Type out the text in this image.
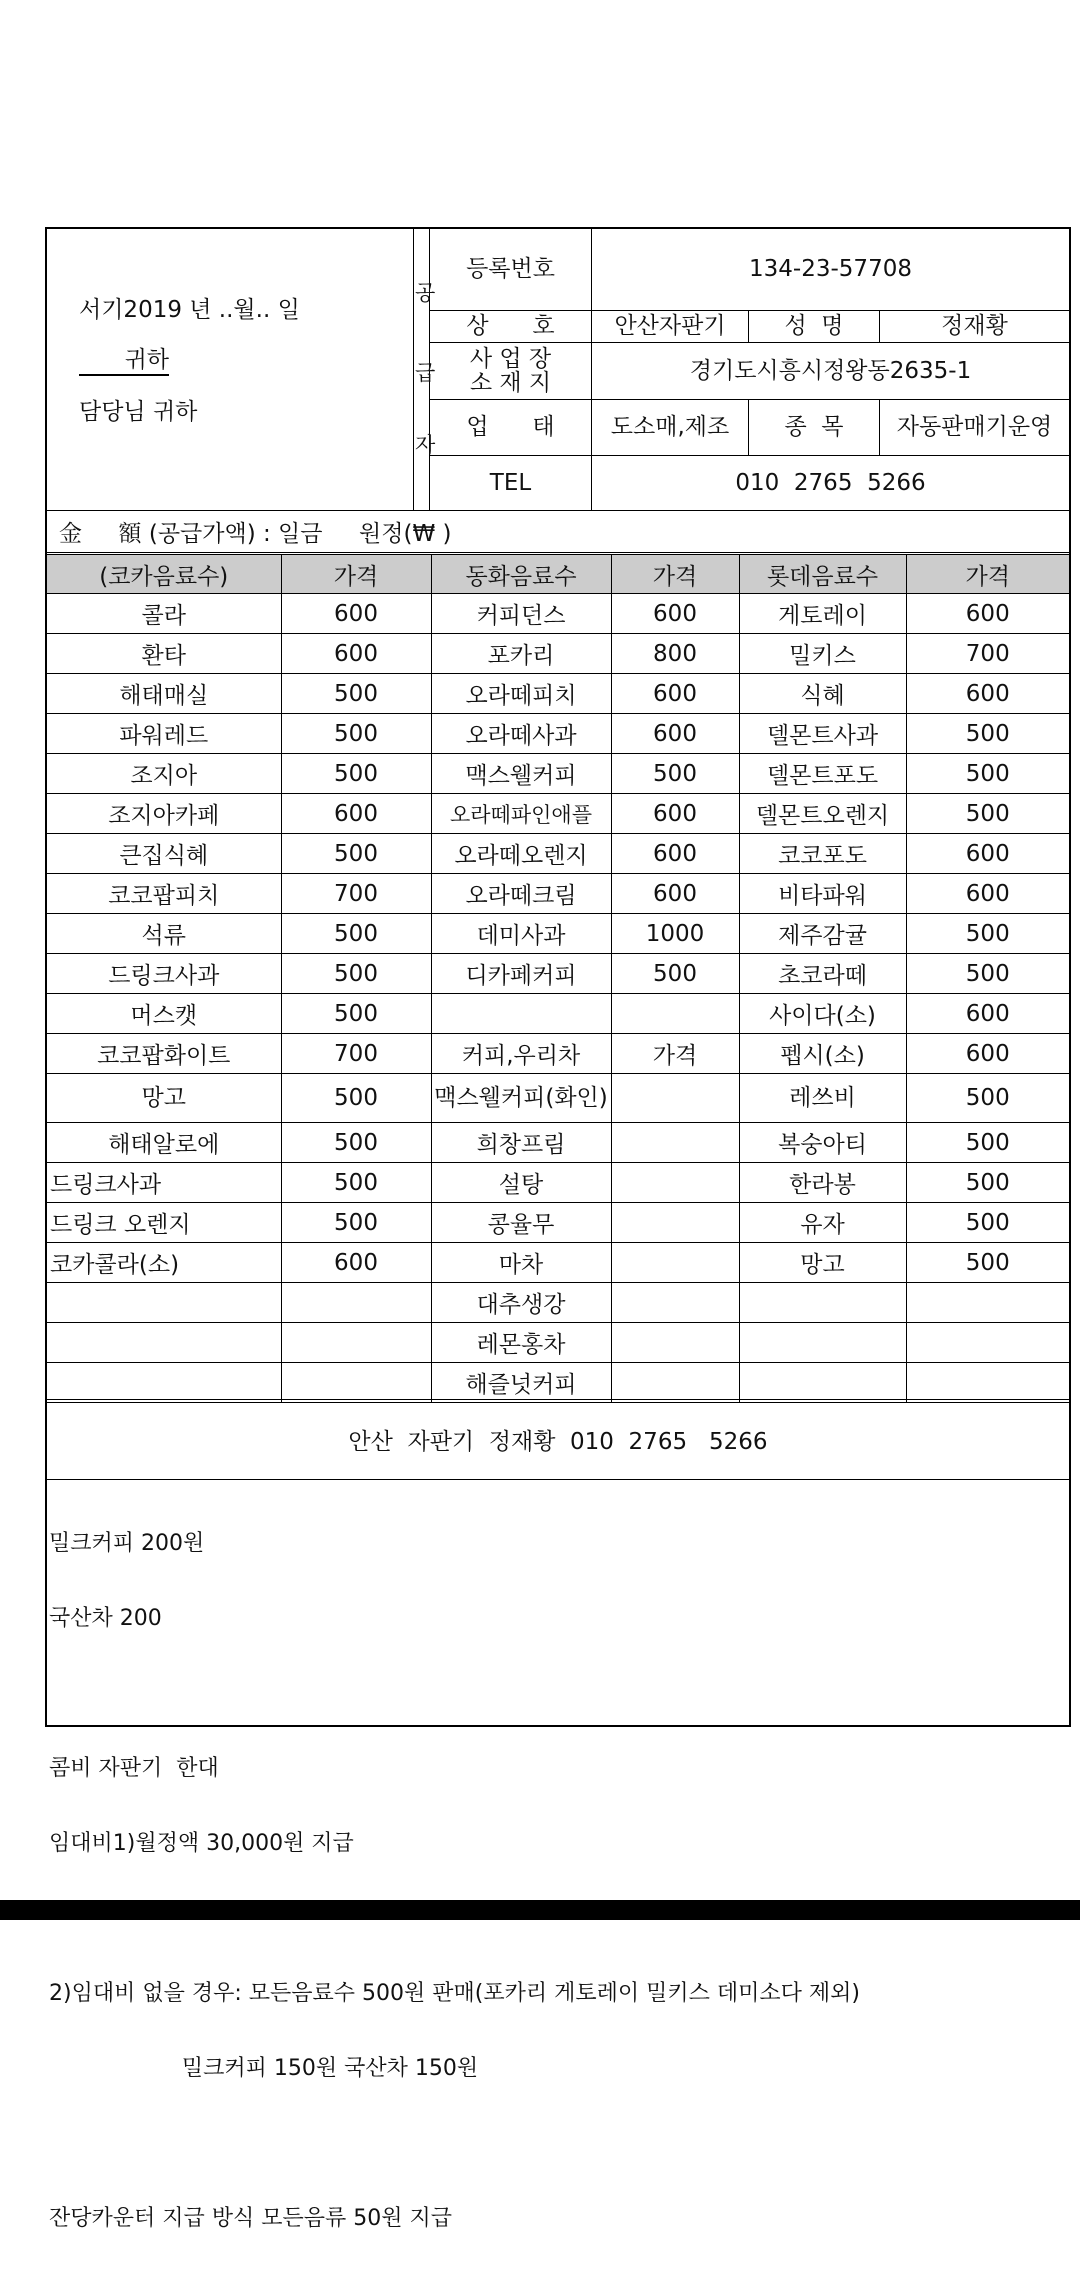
서기2019 년 ..월.. 일
귀하
담당님 귀하
공
급
자
등록번호	134-23-57708
상      호	안산자판기	성  명	정재황
사 업 장
소 재 지	경기도시흥시정왕동2635-1
업      태	도소매,제조	종  목	자동판매기운영
TEL	010  2765  5266
金     額 (공급가액) : 일금     원정(₩ )
(코카음료수)	가격	동화음료수	가격	롯데음료수	가격
콜라	600	커피던스	600	게토레이	600
환타	600	포카리	800	밀키스	700
해태매실	500	오라떼피치	600	식혜	600
파워레드	500	오라떼사과	600	델몬트사과	500
조지아	500	맥스웰커피	500	델몬트포도	500
조지아카페	600	오라떼파인애플	600	델몬트오렌지	500
큰집식혜	500	오라떼오렌지	600	코코포도	600
코코팝피치	700	오라떼크림	600	비타파워	600
석류	500	데미사과	1000	제주감귤	500
드링크사과	500	디카페커피	500	초코라떼	500
머스캣	500			사이다(소)	600
코코팝화이트	700	커피,우리차	가격	펩시(소)	600
망고	500	맥스웰커피(화인)		레쓰비	500
해태알로에	500	희창프림		복숭아티	500
드링크사과	500	설탕		한라봉	500
드링크 오렌지	500	콩율무		유자	500
코카콜라(소)	600	마차		망고	500
		대추생강			
		레몬홍차			
		해즐넛커피			
안산  자판기  정재황  010  2765   5266

밀크커피 200원

국산차 200

콤비 자판기  한대

임대비1)월정액 30,000원 지급

2)임대비 없을 경우: 모든음료수 500원 판매(포카리 게토레이 밀키스 데미소다 제외)

밀크커피 150원 국산차 150원

잔당카운터 지급 방식 모든음류 50원 지급
